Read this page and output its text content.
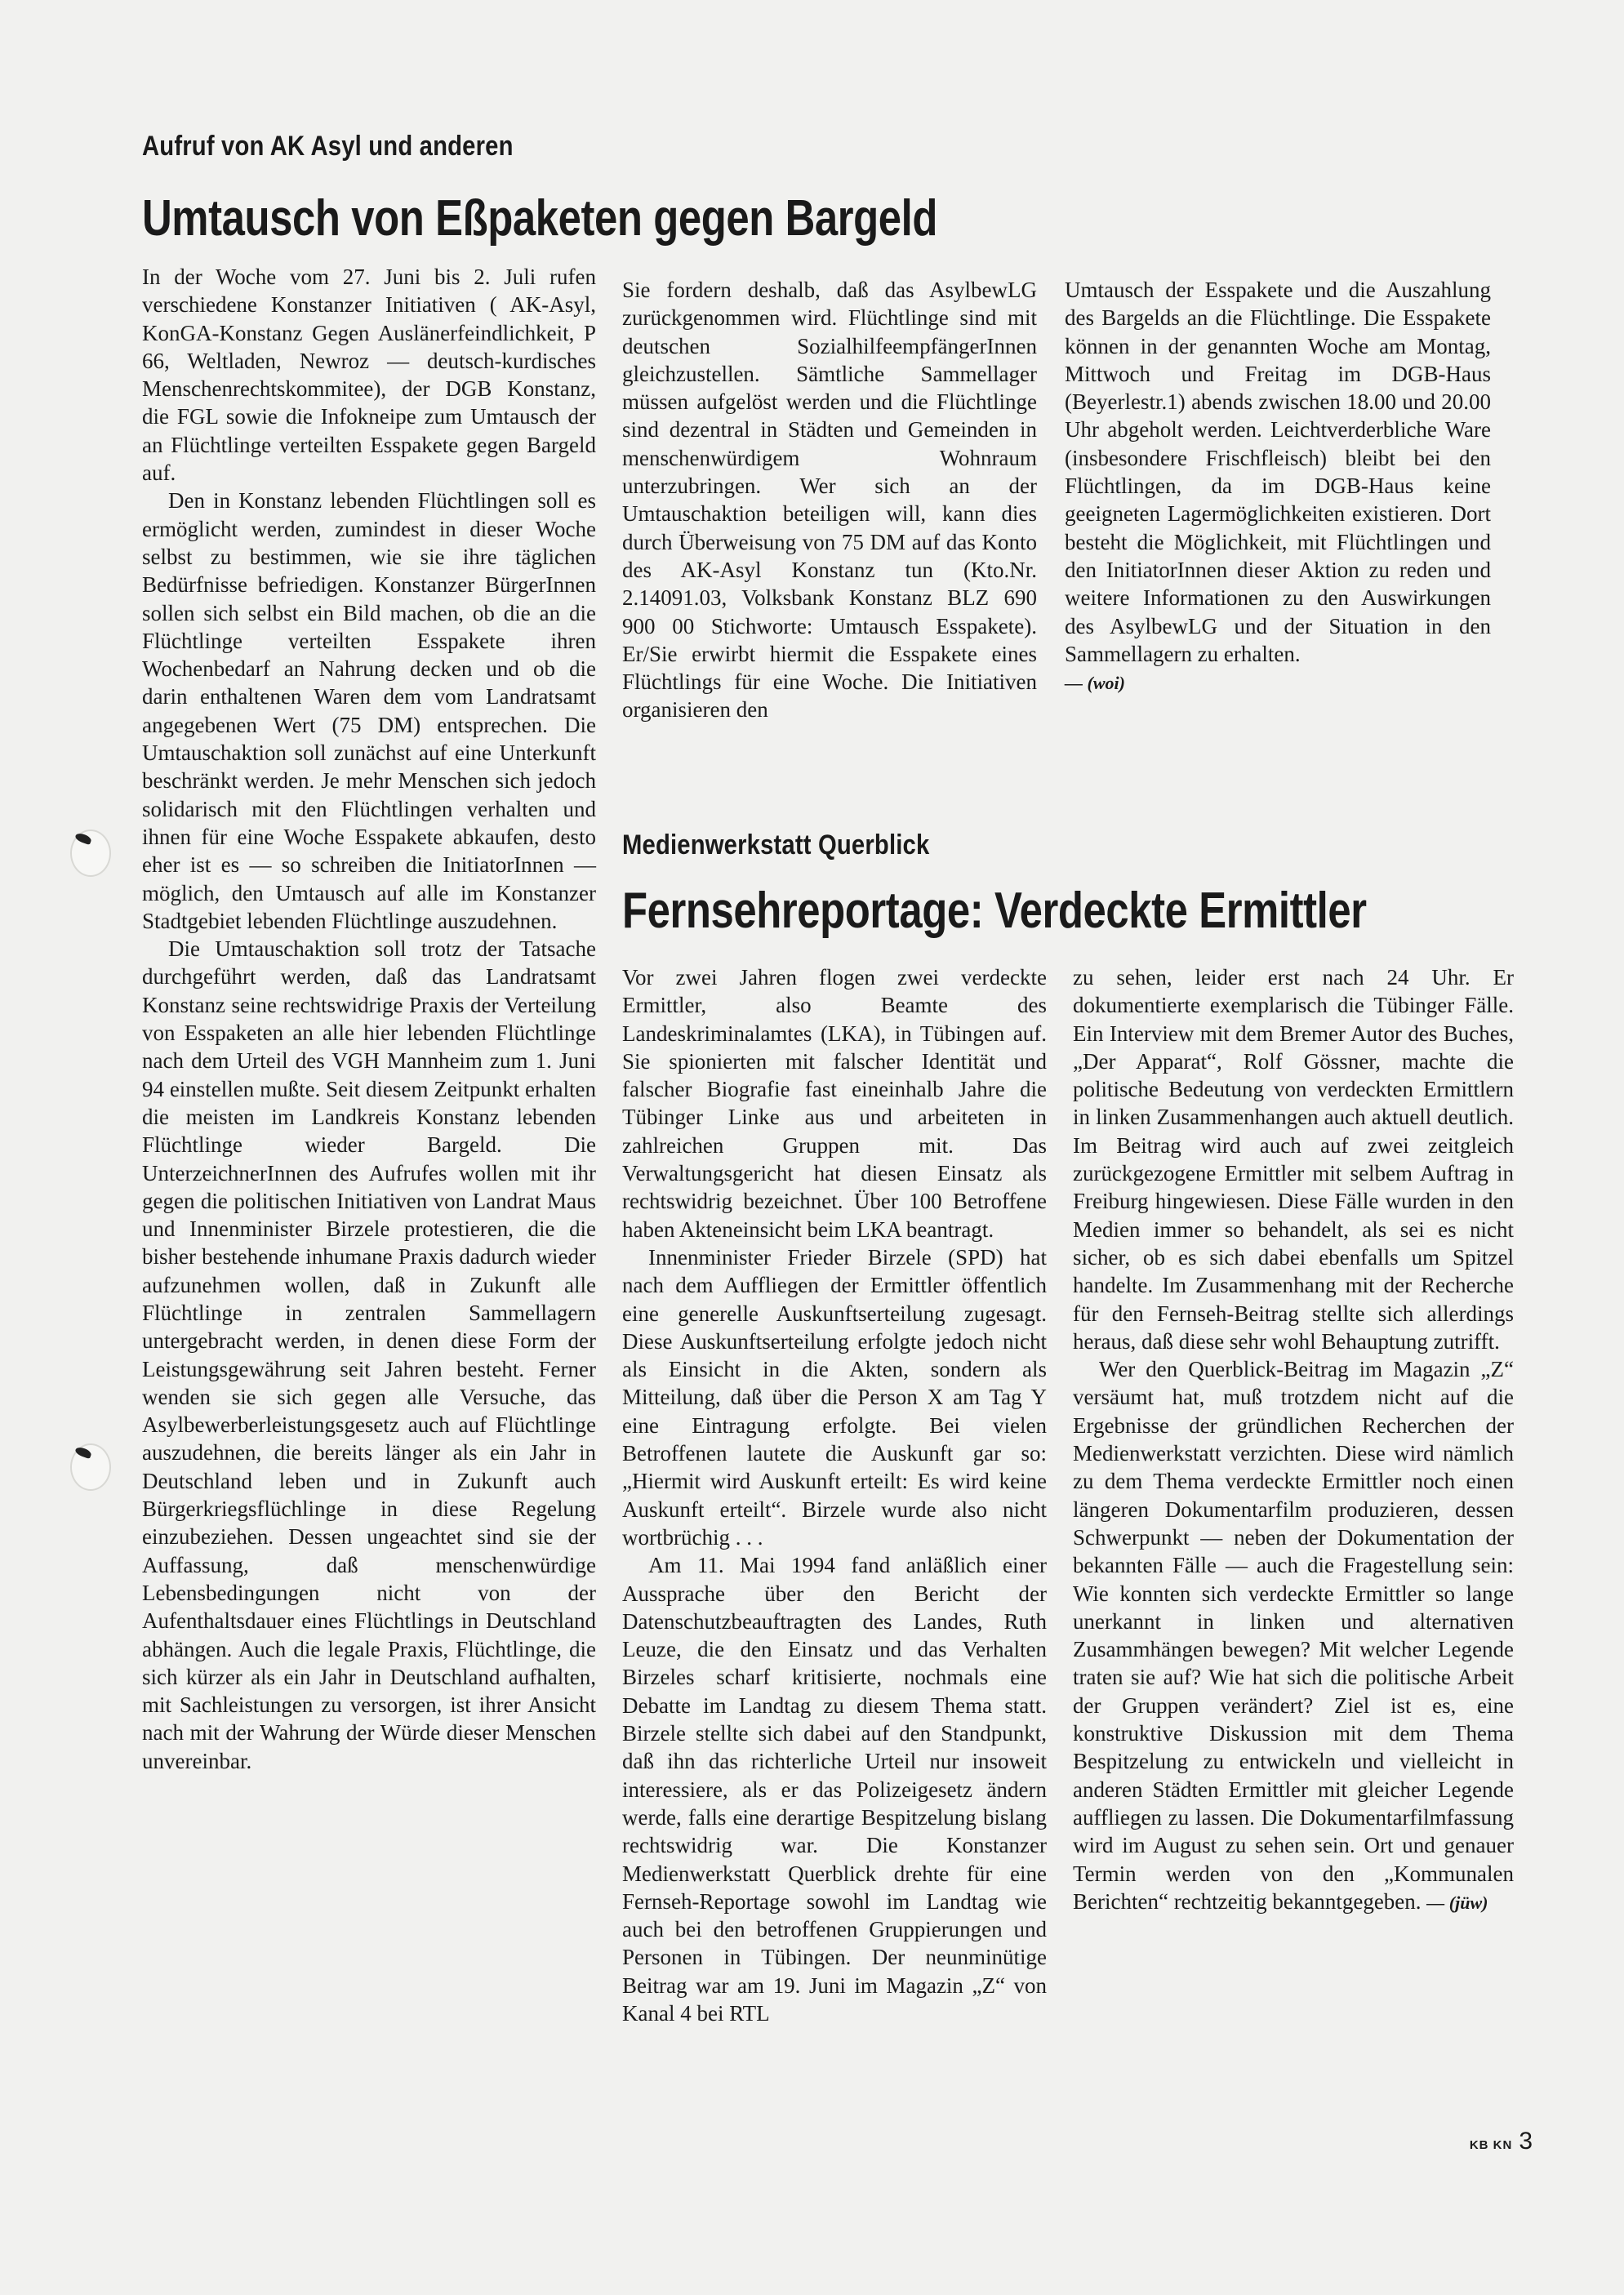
Aufruf von AK Asyl und anderen
Umtausch von Eßpaketen gegen Bargeld

In der Woche vom 27. Juni bis 2. Juli rufen verschiedene Konstanzer Initiativen ( AK-Asyl, KonGA-Konstanz Gegen Auslänerfeindlichkeit, P 66, Weltladen, Newroz — deutsch-kurdisches Menschenrechtskommitee), der DGB Konstanz, die FGL sowie die Infokneipe zum Umtausch der an Flüchtlinge verteilten Esspakete gegen Bargeld auf.

Den in Konstanz lebenden Flüchtlingen soll es ermöglicht werden, zumindest in dieser Woche selbst zu bestimmen, wie sie ihre täglichen Bedürfnisse befriedigen. Konstanzer BürgerInnen sollen sich selbst ein Bild machen, ob die an die Flüchtlinge verteilten Esspakete ihren Wochenbedarf an Nahrung decken und ob die darin enthaltenen Waren dem vom Landratsamt angegebenen Wert (75 DM) entsprechen. Die Umtauschaktion soll zunächst auf eine Unterkunft beschränkt werden. Je mehr Menschen sich jedoch solidarisch mit den Flüchtlingen verhalten und ihnen für eine Woche Esspakete abkaufen, desto eher ist es — so schreiben die InitiatorInnen — möglich, den Umtausch auf alle im Konstanzer Stadtgebiet lebenden Flüchtlinge auszudehnen.

Die Umtauschaktion soll trotz der Tatsache durchgeführt werden, daß das Landratsamt Konstanz seine rechtswidrige Praxis der Verteilung von Esspaketen an alle hier lebenden Flüchtlinge nach dem Urteil des VGH Mannheim zum 1. Juni 94 einstellen mußte. Seit diesem Zeitpunkt erhalten die meisten im Landkreis Konstanz lebenden Flüchtlinge wieder Bargeld. Die UnterzeichnerInnen des Aufrufes wollen mit ihr gegen die politischen Initiativen von Landrat Maus und Innenminister Birzele protestieren, die die bisher bestehende inhumane Praxis dadurch wieder aufzunehmen wollen, daß in Zukunft alle Flüchtlinge in zentralen Sammellagern untergebracht werden, in denen diese Form der Leistungsgewährung seit Jahren besteht. Ferner wenden sie sich gegen alle Versuche, das Asylbewerberleistungsgesetz auch auf Flüchtlinge auszudehnen, die bereits länger als ein Jahr in Deutschland leben und in Zukunft auch Bürgerkriegsflüchlinge in diese Regelung einzubeziehen. Dessen ungeachtet sind sie der Auffassung, daß menschenwürdige Lebensbedingungen nicht von der Aufenthaltsdauer eines Flüchtlings in Deutschland abhängen. Auch die legale Praxis, Flüchtlinge, die sich kürzer als ein Jahr in Deutschland aufhalten, mit Sachleistungen zu versorgen, ist ihrer Ansicht nach mit der Wahrung der Würde dieser Menschen unvereinbar.

Sie fordern deshalb, daß das AsylbewLG zurückgenommen wird. Flüchtlinge sind mit deutschen SozialhilfeempfängerInnen gleichzustellen. Sämtliche Sammellager müssen aufgelöst werden und die Flüchtlinge sind dezentral in Städten und Gemeinden in menschenwürdigem Wohnraum unterzubringen. Wer sich an der Umtauschaktion beteiligen will, kann dies durch Überweisung von 75 DM auf das Konto des AK-Asyl Konstanz tun (Kto.Nr. 2.14091.03, Volksbank Konstanz BLZ 690 900 00 Stichworte: Umtausch Esspakete). Er/Sie erwirbt hiermit die Esspakete eines Flüchtlings für eine Woche. Die Initiativen organisieren den

Umtausch der Esspakete und die Auszahlung des Bargelds an die Flüchtlinge. Die Esspakete können in der genannten Woche am Montag, Mittwoch und Freitag im DGB-Haus (Beyerlestr.1) abends zwischen 18.00 und 20.00 Uhr abgeholt werden. Leichtverderbliche Ware (insbesondere Frischfleisch) bleibt bei den Flüchtlingen, da im DGB-Haus keine geeigneten Lagermöglichkeiten existieren. Dort besteht die Möglichkeit, mit Flüchtlingen und den InitiatorInnen dieser Aktion zu reden und weitere Informationen zu den Auswirkungen des AsylbewLG und der Situation in den Sammellagern zu erhalten.

— (woi)

Medienwerkstatt Querblick
Fernsehreportage: Verdeckte Ermittler

Vor zwei Jahren flogen zwei verdeckte Ermittler, also Beamte des Landeskriminalamtes (LKA), in Tübingen auf. Sie spionierten mit falscher Identität und falscher Biografie fast eineinhalb Jahre die Tübinger Linke aus und arbeiteten in zahlreichen Gruppen mit. Das Verwaltungsgericht hat diesen Einsatz als rechtswidrig bezeichnet. Über 100 Betroffene haben Akteneinsicht beim LKA beantragt.

Innenminister Frieder Birzele (SPD) hat nach dem Auffliegen der Ermittler öffentlich eine generelle Auskunftserteilung zugesagt. Diese Auskunftserteilung erfolgte jedoch nicht als Einsicht in die Akten, sondern als Mitteilung, daß über die Person X am Tag Y eine Eintragung erfolgte. Bei vielen Betroffenen lautete die Auskunft gar so: „Hiermit wird Auskunft erteilt: Es wird keine Auskunft erteilt“. Birzele wurde also nicht wortbrüchig . . .

Am 11. Mai 1994 fand anläßlich einer Aussprache über den Bericht der Datenschutzbeauftragten des Landes, Ruth Leuze, die den Einsatz und das Verhalten Birzeles scharf kritisierte, nochmals eine Debatte im Landtag zu diesem Thema statt. Birzele stellte sich dabei auf den Standpunkt, daß ihn das richterliche Urteil nur insoweit interessiere, als er das Polizeigesetz ändern werde, falls eine derartige Bespitzelung bislang rechtswidrig war. Die Konstanzer Medienwerkstatt Querblick drehte für eine Fernseh-Reportage sowohl im Landtag wie auch bei den betroffenen Gruppierungen und Personen in Tübingen. Der neunminütige Beitrag war am 19. Juni im Magazin „Z“ von Kanal 4 bei RTL

zu sehen, leider erst nach 24 Uhr. Er dokumentierte exemplarisch die Tübinger Fälle. Ein Interview mit dem Bremer Autor des Buches, „Der Apparat“, Rolf Gössner, machte die politische Bedeutung von verdeckten Ermittlern in linken Zusammenhangen auch aktuell deutlich. Im Beitrag wird auch auf zwei zeitgleich zurückgezogene Ermittler mit selbem Auftrag in Freiburg hingewiesen. Diese Fälle wurden in den Medien immer so behandelt, als sei es nicht sicher, ob es sich dabei ebenfalls um Spitzel handelte. Im Zusammenhang mit der Recherche für den Fernseh-Beitrag stellte sich allerdings heraus, daß diese sehr wohl Behauptung zutrifft.

Wer den Querblick-Beitrag im Magazin „Z“ versäumt hat, muß trotzdem nicht auf die Ergebnisse der gründlichen Recherchen der Medienwerkstatt verzichten. Diese wird nämlich zu dem Thema verdeckte Ermittler noch einen längeren Dokumentarfilm produzieren, dessen Schwerpunkt — neben der Dokumentation der bekannten Fälle — auch die Fragestellung sein: Wie konnten sich verdeckte Ermittler so lange unerkannt in linken und alternativen Zusammhängen bewegen? Mit welcher Legende traten sie auf? Wie hat sich die politische Arbeit der Gruppen verändert? Ziel ist es, eine konstruktive Diskussion mit dem Thema Bespitzelung zu entwickeln und vielleicht in anderen Städten Ermittler mit gleicher Legende auffliegen zu lassen. Die Dokumentarfilmfassung wird im August zu sehen sein. Ort und genauer Termin werden von den „Kommunalen Berichten“ rechtzeitig bekanntgegeben. — (jüw)

KB KN 3
